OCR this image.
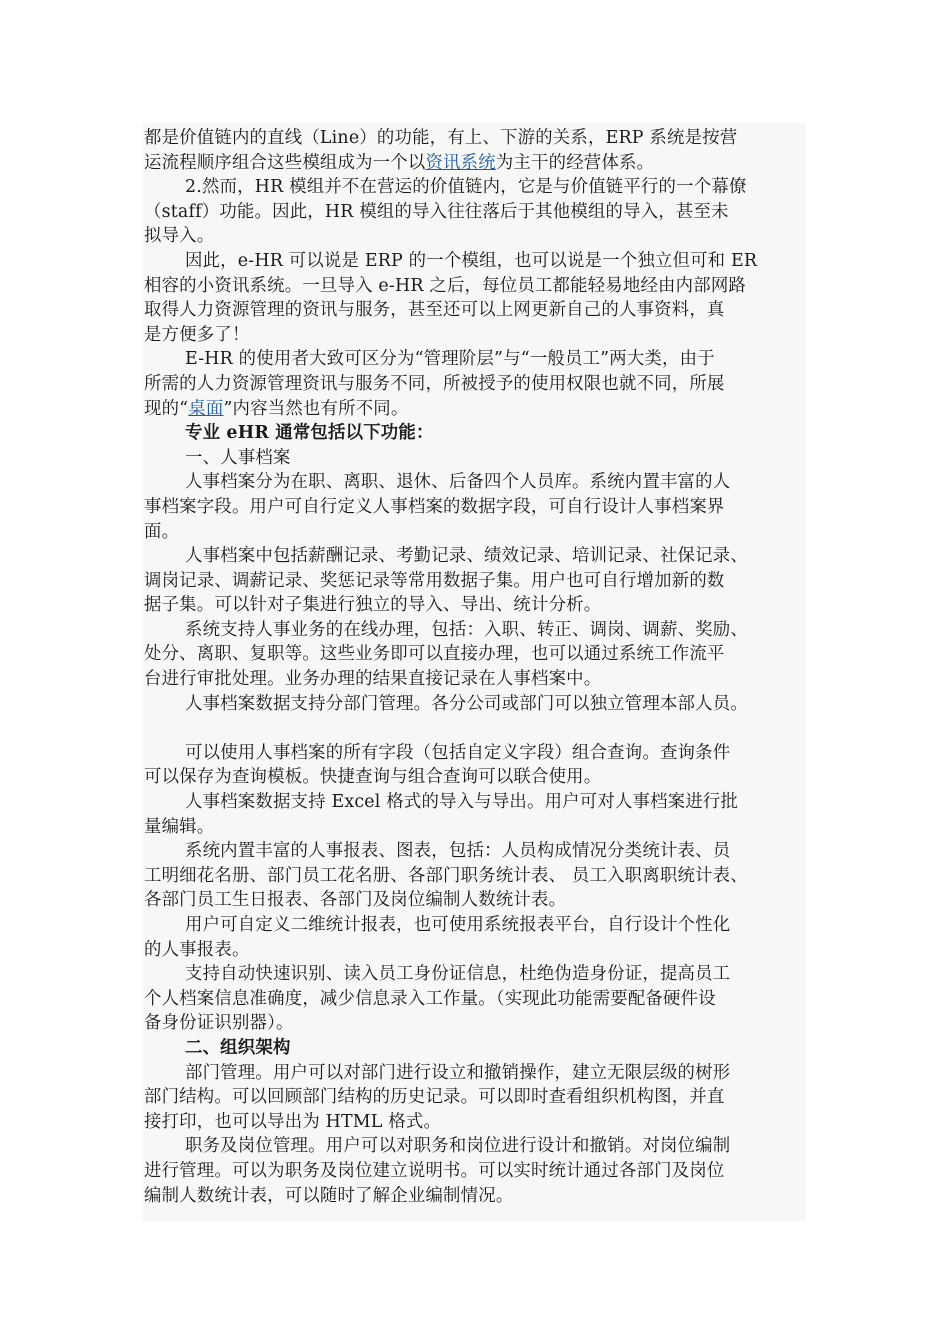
都是价值链内的直线（Line）的功能，有上、下游的关系，ERP 系统是按营
运流程顺序组合这些模组成为一个以资讯系统为主干的经营体系。

2.然而，HR 模组并不在营运的价值链内，它是与价值链平行的一个幕僚
（staff）功能。因此，HR 模组的导入往往落后于其他模组的导入，甚至未
拟导入。

因此，e-HR 可以说是 ERP 的一个模组，也可以说是一个独立但可和 ER
相容的小资讯系统。一旦导入 e-HR 之后，每位员工都能轻易地经由内部网路
取得人力资源管理的资讯与服务，甚至还可以上网更新自己的人事资料，真
是方便多了！

E-HR 的使用者大致可区分为“管理阶层”与“一般员工”两大类，由于
所需的人力资源管理资讯与服务不同，所被授予的使用权限也就不同，所展
现的“桌面”内容当然也有所不同。

专业 eHR 通常包括以下功能：

一、人事档案

人事档案分为在职、离职、退休、后备四个人员库。系统内置丰富的人
事档案字段。用户可自行定义人事档案的数据字段，可自行设计人事档案界
面。

人事档案中包括薪酬记录、考勤记录、绩效记录、培训记录、社保记录、
调岗记录、调薪记录、奖惩记录等常用数据子集。用户也可自行增加新的数
据子集。可以针对子集进行独立的导入、导出、统计分析。

系统支持人事业务的在线办理，包括：入职、转正、调岗、调薪、奖励、
处分、离职、复职等。这些业务即可以直接办理，也可以通过系统工作流平
台进行审批处理。业务办理的结果直接记录在人事档案中。

人事档案数据支持分部门管理。各分公司或部门可以独立管理本部人员。

可以使用人事档案的所有字段（包括自定义字段）组合查询。查询条件
可以保存为查询模板。快捷查询与组合查询可以联合使用。

人事档案数据支持 Excel 格式的导入与导出。用户可对人事档案进行批
量编辑。

系统内置丰富的人事报表、图表，包括：人员构成情况分类统计表、员
工明细花名册、部门员工花名册、各部门职务统计表、 员工入职离职统计表、
各部门员工生日报表、各部门及岗位编制人数统计表。

用户可自定义二维统计报表，也可使用系统报表平台，自行设计个性化
的人事报表。

支持自动快速识别、读入员工身份证信息，杜绝伪造身份证，提高员工
个人档案信息准确度，减少信息录入工作量。（实现此功能需要配备硬件设
备身份证识别器）。

二、组织架构

部门管理。用户可以对部门进行设立和撤销操作，建立无限层级的树形
部门结构。可以回顾部门结构的历史记录。可以即时查看组织机构图，并直
接打印，也可以导出为 HTML 格式。

职务及岗位管理。用户可以对职务和岗位进行设计和撤销。对岗位编制
进行管理。可以为职务及岗位建立说明书。可以实时统计通过各部门及岗位
编制人数统计表，可以随时了解企业编制情况。
